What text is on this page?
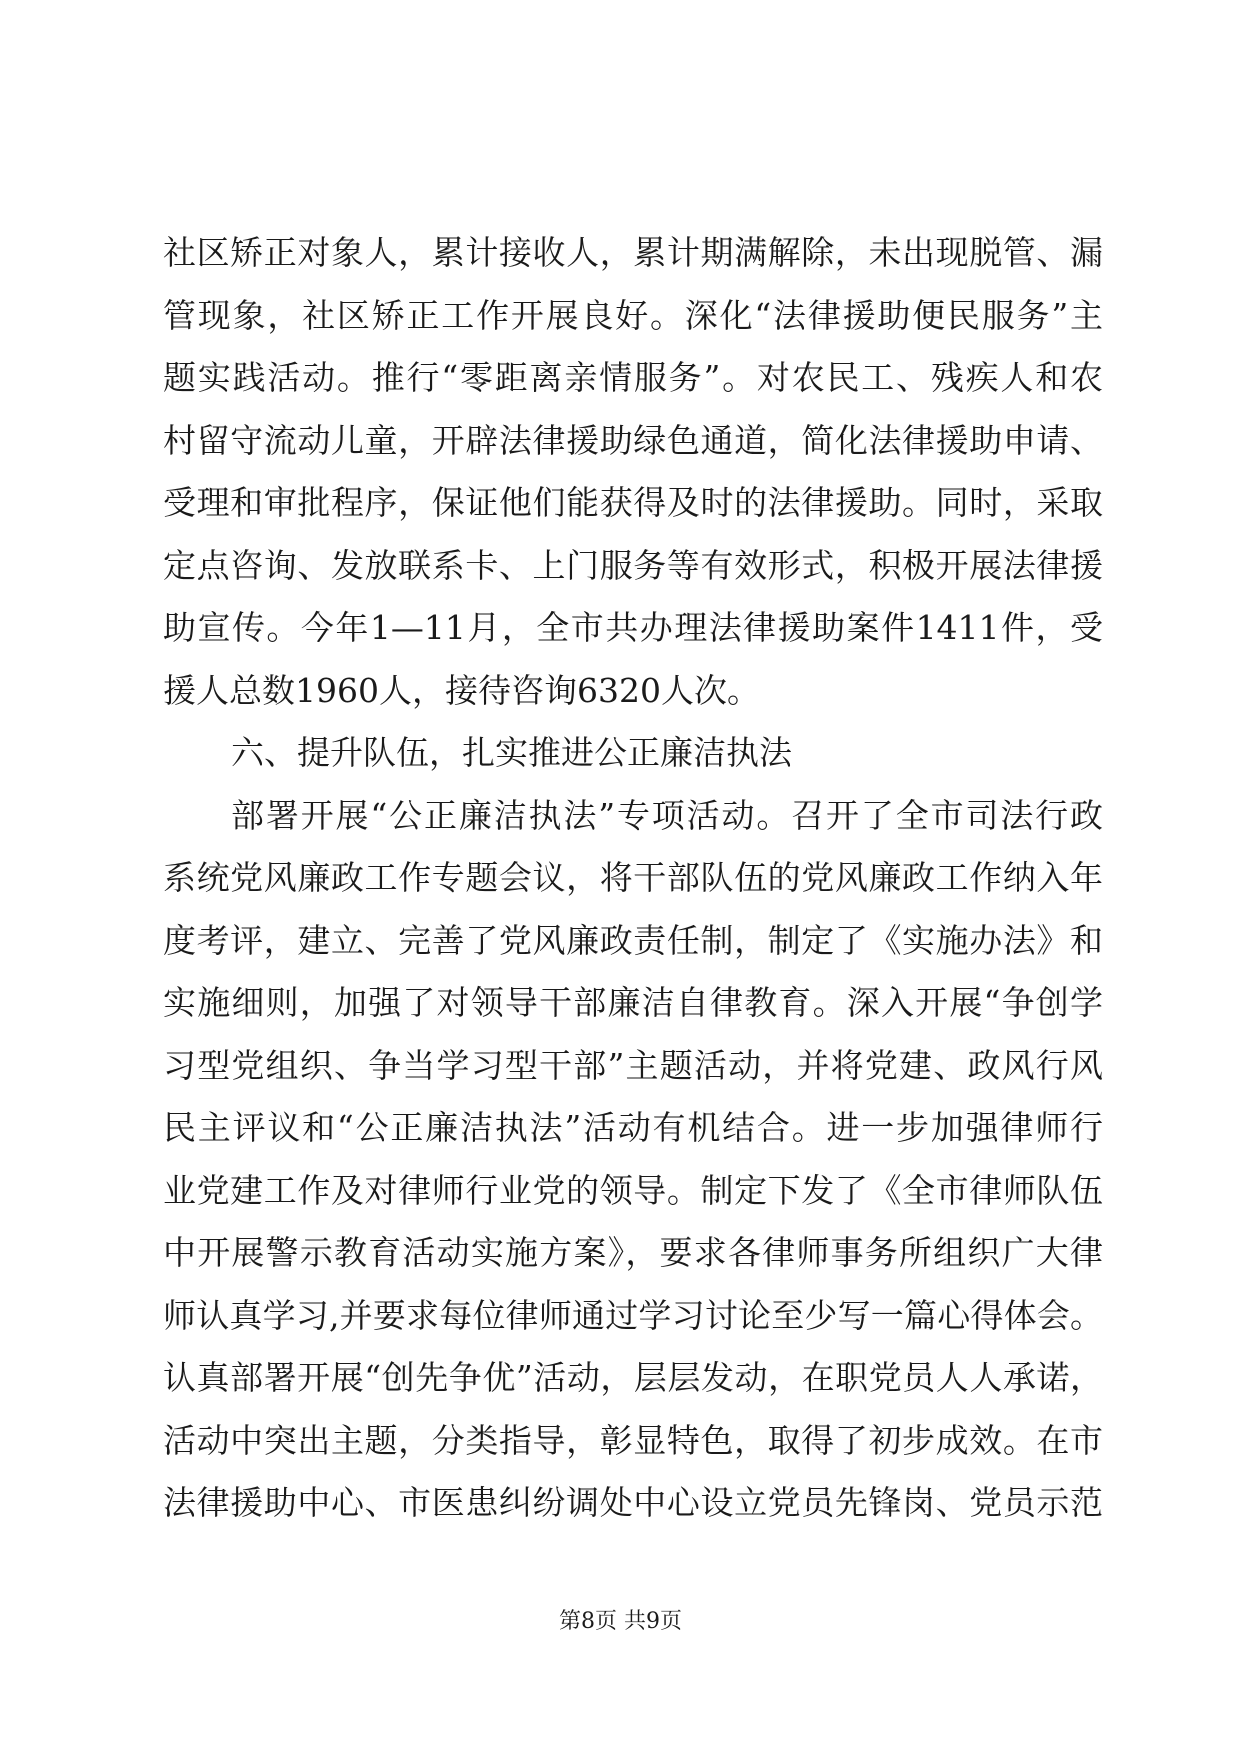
社区矫正对象人，累计接收人，累计期满解除，未出现脱管、漏
管现象，社区矫正工作开展良好。深化“法律援助便民服务”主
题实践活动。推行“零距离亲情服务”。对农民工、残疾人和农
村留守流动儿童，开辟法律援助绿色通道，简化法律援助申请、
受理和审批程序，保证他们能获得及时的法律援助。同时，采取
定点咨询、发放联系卡、上门服务等有效形式，积极开展法律援
助宣传。今年1—11月，全市共办理法律援助案件1411件，受
援人总数1960人，接待咨询6320人次。
六、提升队伍，扎实推进公正廉洁执法
部署开展“公正廉洁执法”专项活动。召开了全市司法行政
系统党风廉政工作专题会议，将干部队伍的党风廉政工作纳入年
度考评，建立、完善了党风廉政责任制，制定了《实施办法》和
实施细则，加强了对领导干部廉洁自律教育。深入开展“争创学
习型党组织、争当学习型干部”主题活动，并将党建、政风行风
民主评议和“公正廉洁执法”活动有机结合。进一步加强律师行
业党建工作及对律师行业党的领导。制定下发了《全市律师队伍
中开展警示教育活动实施方案》，要求各律师事务所组织广大律
师认真学习,并要求每位律师通过学习讨论至少写一篇心得体会。
认真部署开展“创先争优”活动，层层发动，在职党员人人承诺，
活动中突出主题，分类指导，彰显特色，取得了初步成效。在市
法律援助中心、市医患纠纷调处中心设立党员先锋岗、党员示范
第8页 共9页
